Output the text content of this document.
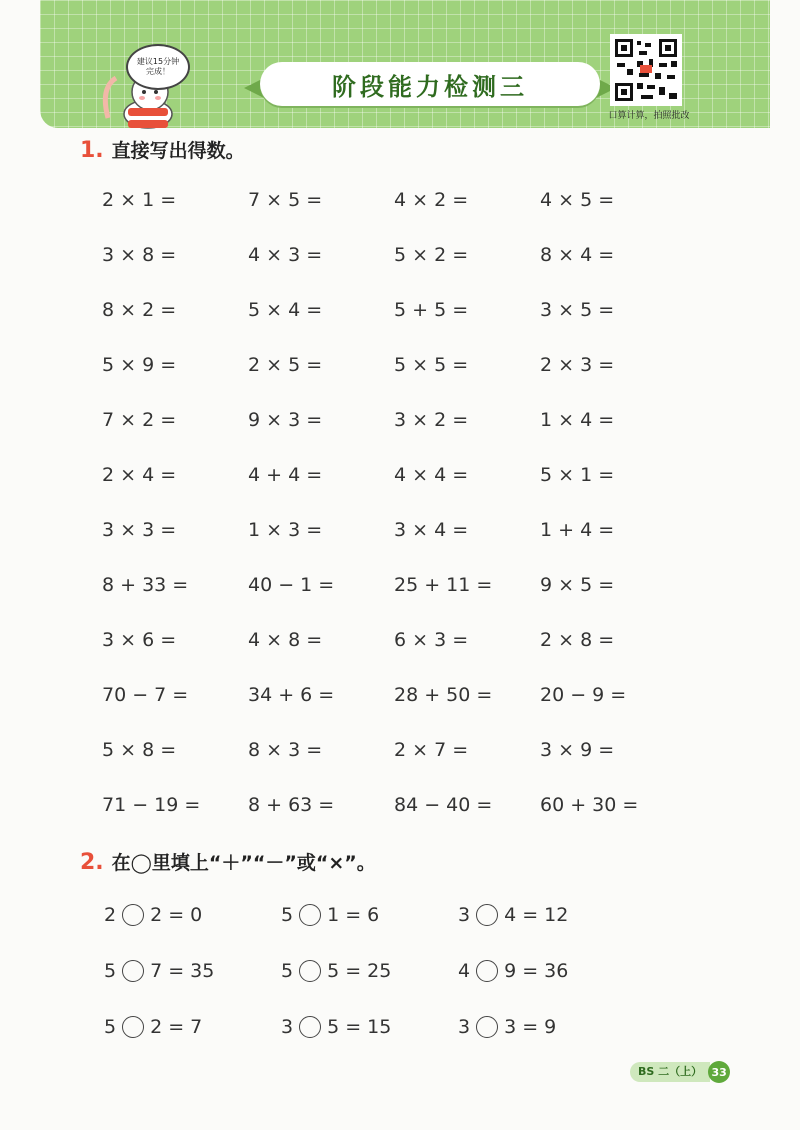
阶段能力检测三
建议15分钟
完成！
口算计算，拍照批改
1. 直接写出得数。
2 × 1 =	7 × 5 =	4 × 2 =	4 × 5 =
3 × 8 =	4 × 3 =	5 × 2 =	8 × 4 =
8 × 2 =	5 × 4 =	5 + 5 =	3 × 5 =
5 × 9 =	2 × 5 =	5 × 5 =	2 × 3 =
7 × 2 =	9 × 3 =	3 × 2 =	1 × 4 =
2 × 4 =	4 + 4 =	4 × 4 =	5 × 1 =
3 × 3 =	1 × 3 =	3 × 4 =	1 + 4 =
8 + 33 =	40 − 1 =	25 + 11 =	9 × 5 =
3 × 6 =	4 × 8 =	6 × 3 =	2 × 8 =
70 − 7 =	34 + 6 =	28 + 50 =	20 − 9 =
5 × 8 =	8 × 3 =	2 × 7 =	3 × 9 =
71 − 19 =	8 + 63 =	84 − 40 =	60 + 30 =
2. 在◯里填上“＋”“－”或“×”。
2 2 = 0	5 1 = 6	3 4 = 12
5 7 = 35	5 5 = 25	4 9 = 36
5 2 = 7	3 5 = 15	3 3 = 9
BS 二（上） 33
